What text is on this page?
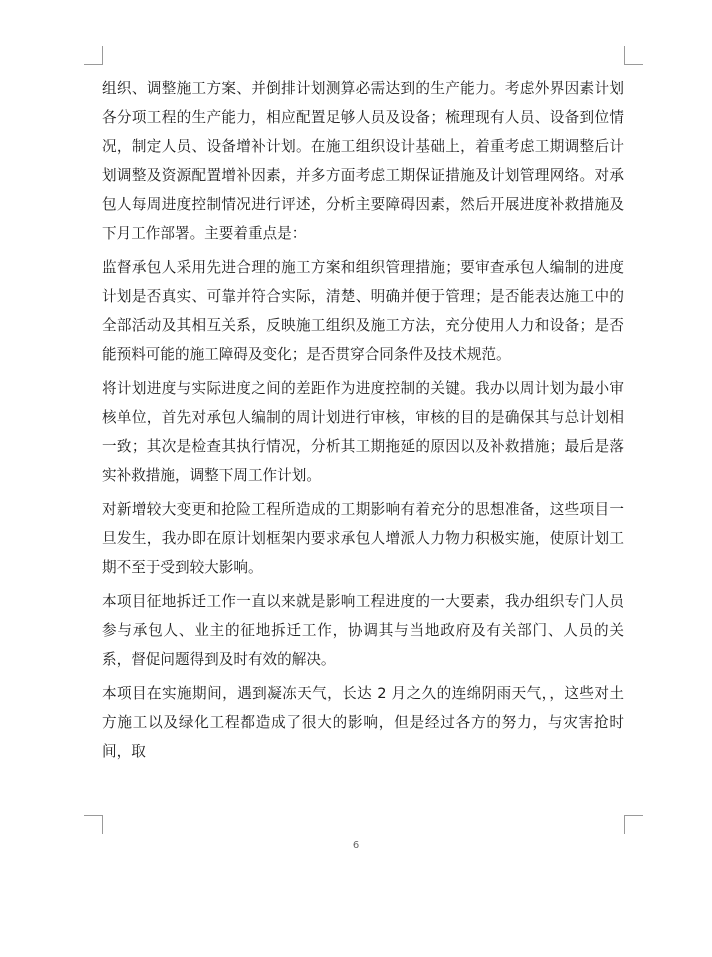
组织、调整施工方案、并倒排计划测算必需达到的生产能力。考虑外界因素计划各分项工程的生产能力，相应配置足够人员及设备；梳理现有人员、设备到位情况，制定人员、设备增补计划。在施工组织设计基础上，着重考虑工期调整后计划调整及资源配置增补因素，并多方面考虑工期保证措施及计划管理网络。对承包人每周进度控制情况进行评述，分析主要障碍因素，然后开展进度补救措施及下月工作部署。主要着重点是：

监督承包人采用先进合理的施工方案和组织管理措施；要审查承包人编制的进度计划是否真实、可靠并符合实际，清楚、明确并便于管理；是否能表达施工中的全部活动及其相互关系，反映施工组织及施工方法，充分使用人力和设备；是否能预料可能的施工障碍及变化；是否贯穿合同条件及技术规范。

将计划进度与实际进度之间的差距作为进度控制的关键。我办以周计划为最小审核单位，首先对承包人编制的周计划进行审核，审核的目的是确保其与总计划相一致；其次是检查其执行情况，分析其工期拖延的原因以及补救措施；最后是落实补救措施，调整下周工作计划。

对新增较大变更和抢险工程所造成的工期影响有着充分的思想准备，这些项目一旦发生，我办即在原计划框架内要求承包人增派人力物力积极实施，使原计划工期不至于受到较大影响。

本项目征地拆迁工作一直以来就是影响工程进度的一大要素，我办组织专门人员参与承包人、业主的征地拆迁工作，协调其与当地政府及有关部门、人员的关系，督促问题得到及时有效的解决。

本项目在实施期间，遇到凝冻天气，长达 2 月之久的连绵阴雨天气，，这些对土方施工以及绿化工程都造成了很大的影响，但是经过各方的努力，与灾害抢时间，取

6
